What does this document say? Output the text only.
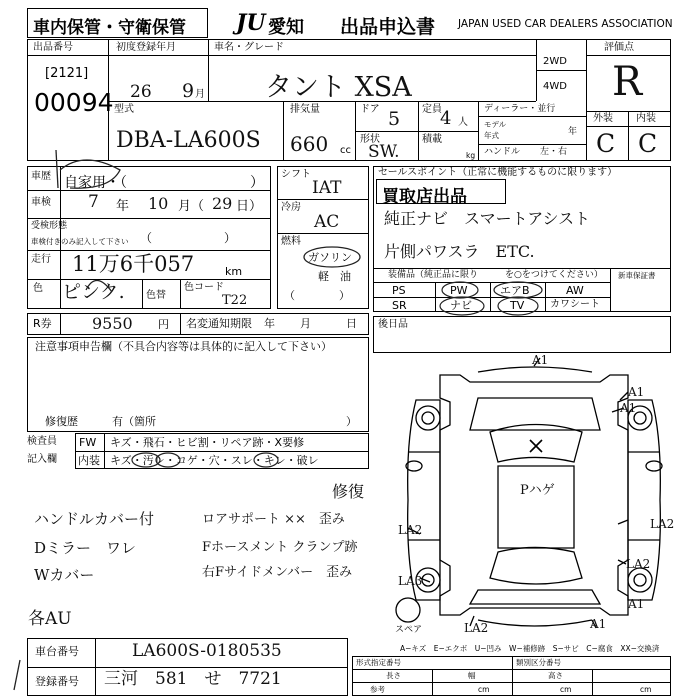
車内保管・守衛保管 JU 愛知 出品申込書 JAPAN USED CAR DEALERS ASSOCIATION
出品番号
[2121]
00094
初度登録年月	車名・グレード
26 9 月 タント XSA
型式
DBA-LA600S
排気量
660 cc
ドア 5 定員
4 人
形状
SW.
積載
kg
2WD
4WD
ディーラー・並行
モデル
年式	年
ハンドル 左・右
評価点
R
外装 内装
C C
車歴 自家用・（	）
車検 7 年 10 月（ 29 日）
受検形態
車検付きのみ記入して下さい （　　　　　　）
走行 11万6千057	km
色 ピンク. 色替
色コード
T22
シフト
IAT
冷房
AC
燃料
ガソリン
軽　油
（　　　　）
R券	9550 円 名変通知期限 年 月	日
セールスポイント（正常に機能するものに限ります）
買取店出品
純正ナビ　スマートアシスト
片側パワスラ　ETC.
装備品（純正品に限り　　　を○をつけてください） 新車保証書
PS	PW	エアB	AW
SR	ナビ	TV	カワシート
後日品
注意事項申告欄（不具合内容等は具体的に記入して下さい）
修復歴	有（箇所	）
検査員
記入欄
FW キズ・飛石・ヒビ割・リペア跡・X要修
内装 キズ・汚レ・コゲ・穴・スレ・キレ・破レ
修復
ハンドルカバー付
Dミラー　ワレ
Wカバー
ロアサポート ××　歪み
Fホースメント クランプ跡
右Fサイドメンバー　歪み
各AU
A1
A1
A1
LA2
LA3
LA2	A1
LA2
LA2
A1
Pハゲ
スペア
A−キズ　E−エクボ　U−凹み　W−補修跡　S−サビ　C−腐食　XX−交換済
車台番号	LA600S-0180535
登録番号 三河　581　せ　7721
形式指定番号	類別区分番号
長さ	幅	高さ
参考	cm	cm	cm
